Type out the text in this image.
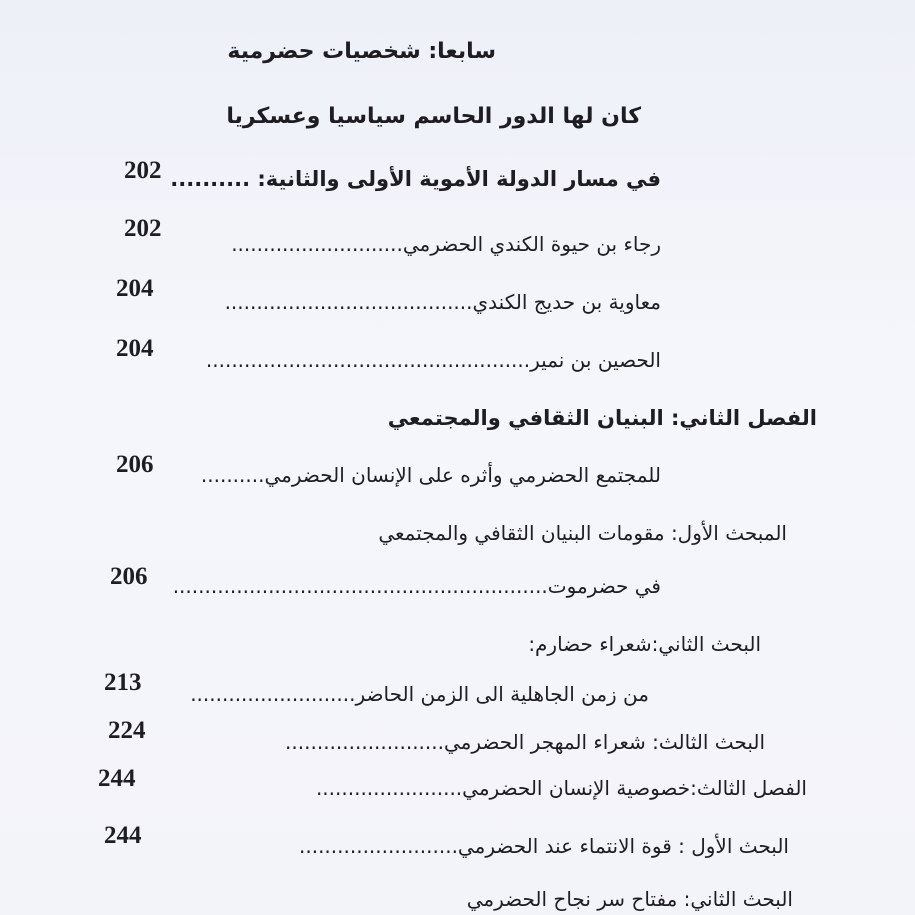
سابعا: شخصيات حضرمية
كان لها الدور الحاسم سياسيا وعسكريا
في مسار الدولة الأموية الأولى والثانية: ..........
202
رجاء بن حيوة الكندي الحضرمي...........................
202
معاوية بن حديج الكندي.......................................
204
الحصين بن نمير...................................................
204
الفصل الثاني: البنيان الثقافي والمجتمعي
للمجتمع الحضرمي وأثره على الإنسان الحضرمي..........
206
المبحث الأول: مقومات البنيان الثقافي والمجتمعي
في حضرموت...........................................................
206
البحث الثاني:شعراء حضارم:
من زمن الجاهلية الى الزمن الحاضر..........................
213
البحث الثالث: شعراء المهجر الحضرمي.........................
224
الفصل الثالث:خصوصية الإنسان الحضرمي.......................
244
البحث الأول : قوة الانتماء عند الحضرمي.........................
244
البحث الثاني: مفتاح سر نجاح الحضرمي
